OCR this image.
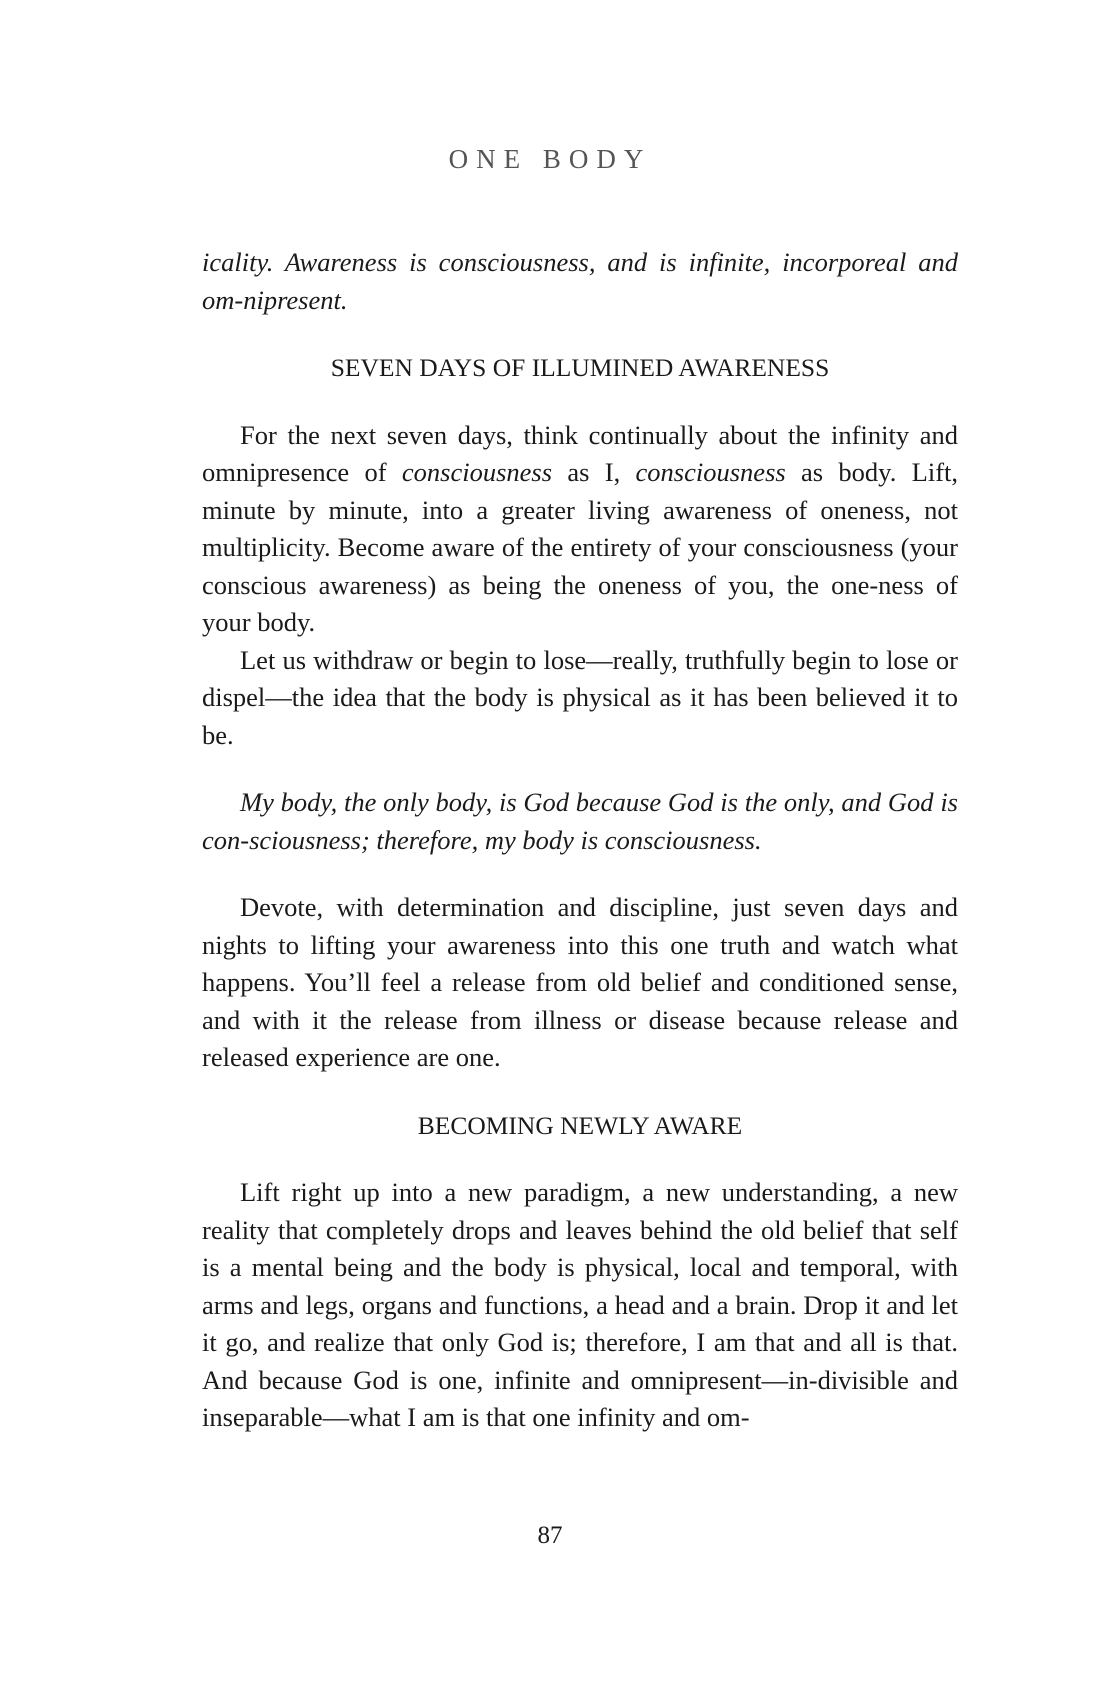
ONE BODY

icality. Awareness is consciousness, and is infinite, incorporeal and om-nipresent.

SEVEN DAYS OF ILLUMINED AWARENESS

For the next seven days, think continually about the infinity and omnipresence of consciousness as I, consciousness as body. Lift, minute by minute, into a greater living awareness of oneness, not multiplicity. Become aware of the entirety of your consciousness (your conscious awareness) as being the oneness of you, the one-ness of your body.

Let us withdraw or begin to lose—really, truthfully begin to lose or dispel—the idea that the body is physical as it has been believed it to be.

My body, the only body, is God because God is the only, and God is con-sciousness; therefore, my body is consciousness.

Devote, with determination and discipline, just seven days and nights to lifting your awareness into this one truth and watch what happens. You’ll feel a release from old belief and conditioned sense, and with it the release from illness or disease because release and released experience are one.

BECOMING NEWLY AWARE

Lift right up into a new paradigm, a new understanding, a new reality that completely drops and leaves behind the old belief that self is a mental being and the body is physical, local and temporal, with arms and legs, organs and functions, a head and a brain. Drop it and let it go, and realize that only God is; therefore, I am that and all is that. And because God is one, infinite and omnipresent—in-divisible and inseparable—what I am is that one infinity and om-

87
